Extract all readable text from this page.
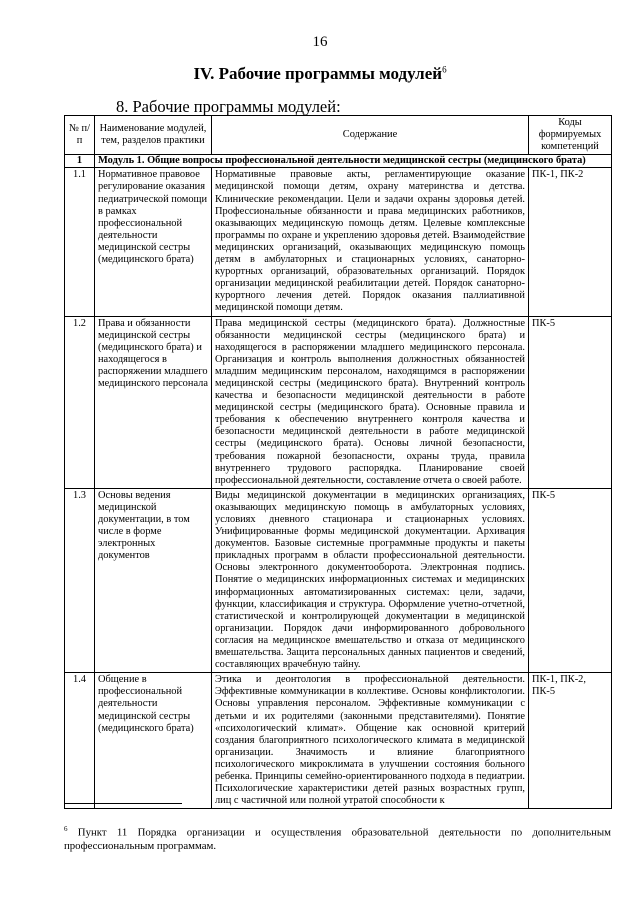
16
IV. Рабочие программы модулей$^6$
8. Рабочие программы модулей:
№ п/п	Наименование модулей, тем, разделов практики	Содержание	Коды формируемых компетенций
1	Модуль 1. Общие вопросы профессиональной деятельности медицинской сестры (медицинского брата)		
1.1	Нормативное правовое регулирование оказания педиатрической помощи в рамках профессиональной деятельности медицинской сестры (медицинского брата)	Нормативные правовые акты, регламентирующие оказание медицинской помощи детям, охрану материнства и детства. Клинические рекомендации. Цели и задачи охраны здоровья детей. Профессиональные обязанности и права медицинских работников, оказывающих медицинскую помощь детям. Целевые комплексные программы по охране и укреплению здоровья детей. Взаимодействие медицинских организаций, оказывающих медицинскую помощь детям в амбулаторных и стационарных условиях, санаторно-курортных организаций, образовательных организаций. Порядок организации медицинской реабилитации детей. Порядок санаторно-курортного лечения детей. Порядок оказания паллиативной медицинской помощи детям.	ПК-1, ПК-2
1.2	Права и обязанности медицинской сестры (медицинского брата) и находящегося в распоряжении младшего медицинского персонала	Права медицинской сестры (медицинского брата). Должностные обязанности медицинской сестры (медицинского брата) и находящегося в распоряжении младшего медицинского персонала. Организация и контроль выполнения должностных обязанностей младшим медицинским персоналом, находящимся в распоряжении медицинской сестры (медицинского брата). Внутренний контроль качества и безопасности медицинской деятельности в работе медицинской сестры (медицинского брата). Основные правила и требования к обеспечению внутреннего контроля качества и безопасности медицинской деятельности в работе медицинской сестры (медицинского брата). Основы личной безопасности, требования пожарной безопасности, охраны труда, правила внутреннего трудового распорядка. Планирование своей профессиональной деятельности, составление отчета о своей работе.	ПК-5
1.3	Основы ведения медицинской документации, в том числе в форме электронных документов	Виды медицинской документации в медицинских организациях, оказывающих медицинскую помощь в амбулаторных условиях, условиях дневного стационара и стационарных условиях. Унифицированные формы медицинской документации. Архивация документов. Базовые системные программные продукты и пакеты прикладных программ в области профессиональной деятельности. Основы электронного документооборота. Электронная подпись. Понятие о медицинских информационных системах и медицинских информационных автоматизированных системах: цели, задачи, функции, классификация и структура. Оформление учетно-отчетной, статистической и контролирующей документации в медицинской организации. Порядок дачи информированного добровольного согласия на медицинское вмешательство и отказа от медицинского вмешательства. Защита персональных данных пациентов и сведений, составляющих врачебную тайну.	ПК-5
1.4	Общение в профессиональной деятельности медицинской сестры (медицинского брата)	Этика и деонтология в профессиональной деятельности. Эффективные коммуникации в коллективе. Основы конфликтологии. Основы управления персоналом. Эффективные коммуникации с детьми и их родителями (законными представителями). Понятие «психологический климат». Общение как основной критерий создания благоприятного психологического климата в медицинской организации. Значимость и влияние благоприятного психологического микроклимата в улучшении состояния больного ребенка. Принципы семейно-ориентированного подхода в педиатрии. Психологические характеристики детей разных возрастных групп, лиц с частичной или полной утратой способности к	ПК-1, ПК-2, ПК-5
$^6$ Пункт 11 Порядка организации и осуществления образовательной деятельности по дополнительным профессиональным программам.
